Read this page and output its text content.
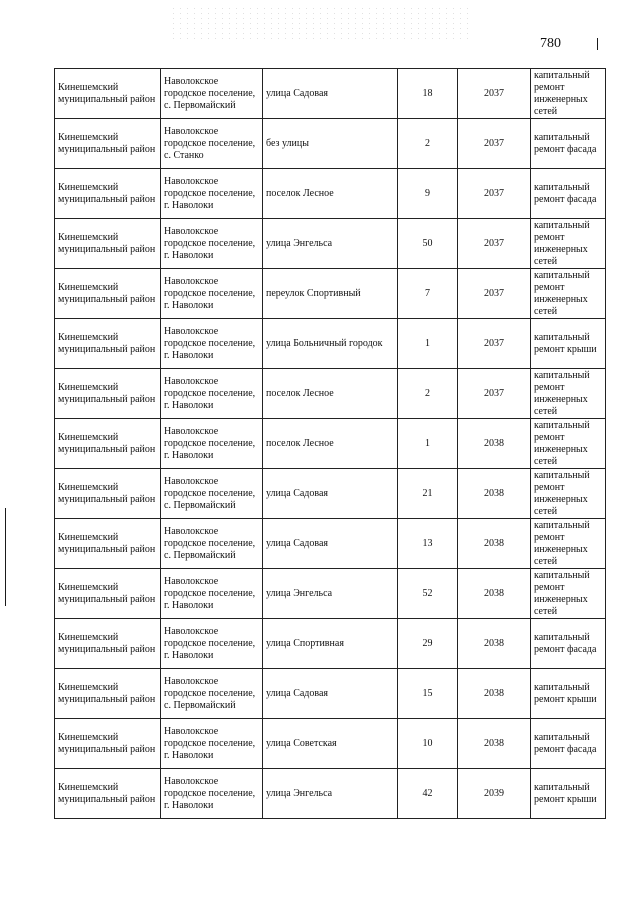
780
Кинешемский муниципальный район	Наволокское городское поселение, с. Первомайский	улица Садовая	18	2037	капитальный ремонт инженерных сетей
Кинешемский муниципальный район	Наволокское городское поселение, с. Станко	без улицы	2	2037	капитальный ремонт фасада
Кинешемский муниципальный район	Наволокское городское поселение, г. Наволоки	поселок Лесное	9	2037	капитальный ремонт фасада
Кинешемский муниципальный район	Наволокское городское поселение, г. Наволоки	улица Энгельса	50	2037	капитальный ремонт инженерных сетей
Кинешемский муниципальный район	Наволокское городское поселение, г. Наволоки	переулок Спортивный	7	2037	капитальный ремонт инженерных сетей
Кинешемский муниципальный район	Наволокское городское поселение, г. Наволоки	улица Больничный городок	1	2037	капитальный ремонт крыши
Кинешемский муниципальный район	Наволокское городское поселение, г. Наволоки	поселок Лесное	2	2037	капитальный ремонт инженерных сетей
Кинешемский муниципальный район	Наволокское городское поселение, г. Наволоки	поселок Лесное	1	2038	капитальный ремонт инженерных сетей
Кинешемский муниципальный район	Наволокское городское поселение, с. Первомайский	улица Садовая	21	2038	капитальный ремонт инженерных сетей
Кинешемский муниципальный район	Наволокское городское поселение, с. Первомайский	улица Садовая	13	2038	капитальный ремонт инженерных сетей
Кинешемский муниципальный район	Наволокское городское поселение, г. Наволоки	улица Энгельса	52	2038	капитальный ремонт инженерных сетей
Кинешемский муниципальный район	Наволокское городское поселение, г. Наволоки	улица Спортивная	29	2038	капитальный ремонт фасада
Кинешемский муниципальный район	Наволокское городское поселение, с. Первомайский	улица Садовая	15	2038	капитальный ремонт крыши
Кинешемский муниципальный район	Наволокское городское поселение, г. Наволоки	улица Советская	10	2038	капитальный ремонт фасада
Кинешемский муниципальный район	Наволокское городское поселение, г. Наволоки	улица Энгельса	42	2039	капитальный ремонт крыши
